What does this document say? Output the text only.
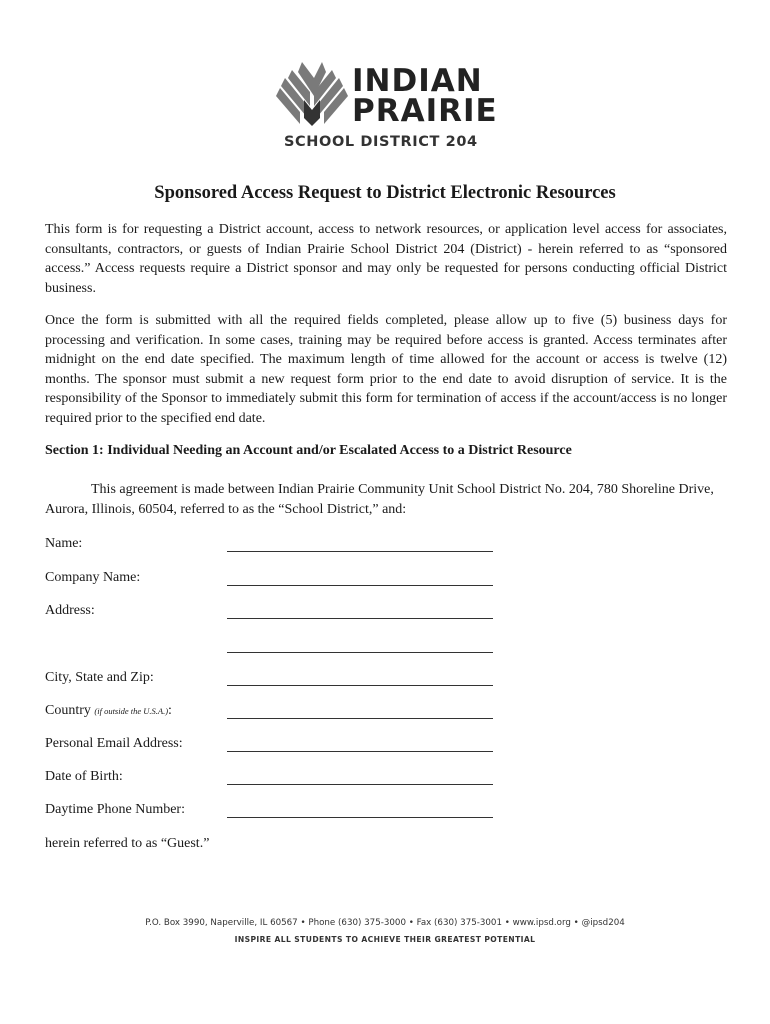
INDIAN
PRAIRIE
SCHOOL DISTRICT 204
Sponsored Access Request to District Electronic Resources

This form is for requesting a District account, access to network resources, or application level access for associates, consultants, contractors, or guests of Indian Prairie School District 204 (District) - herein referred to as “sponsored access.” Access requests require a District sponsor and may only be requested for persons conducting official District business.

Once the form is submitted with all the required fields completed, please allow up to five (5) business days for processing and verification. In some cases, training may be required before access is granted. Access terminates after midnight on the end date specified. The maximum length of time allowed for the account or access is twelve (12) months. The sponsor must submit a new request form prior to the end date to avoid disruption of service. It is the responsibility of the Sponsor to immediately submit this form for termination of access if the account/access is no longer required prior to the specified end date.

Section 1: Individual Needing an Account and/or Escalated Access to a District Resource

This agreement is made between Indian Prairie Community Unit School District No. 204, 780 Shoreline Drive, Aurora, Illinois, 60504, referred to as the “School District,” and:

Name:
Company Name:
Address:
City, State and Zip:
Country (if outside the U.S.A.):
Personal Email Address:
Date of Birth:
Daytime Phone Number:

herein referred to as “Guest.”

P.O. Box 3990, Naperville, IL 60567 • Phone (630) 375-3000 • Fax (630) 375-3001 • www.ipsd.org • @ipsd204
INSPIRE ALL STUDENTS TO ACHIEVE THEIR GREATEST POTENTIAL
